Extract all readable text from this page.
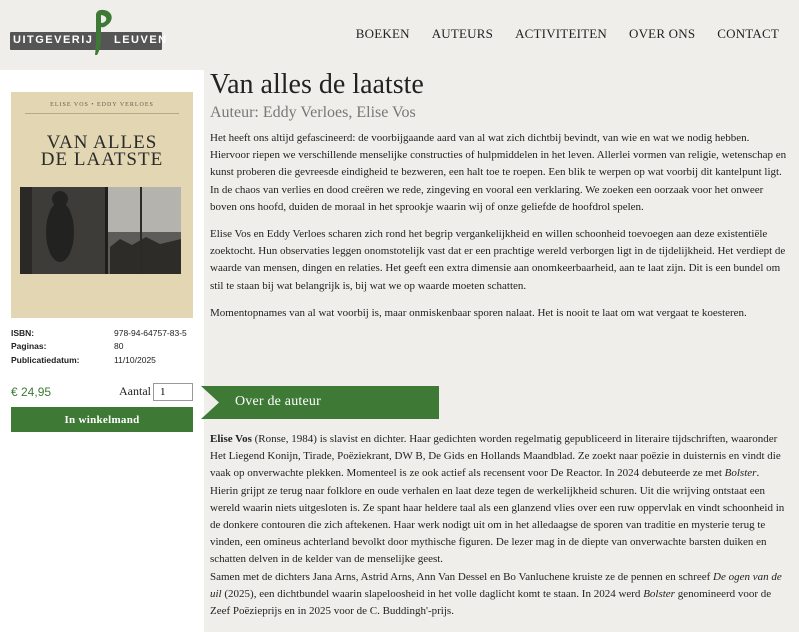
UITGEVERIJ LEUVEN	BOEKEN AUTEURS ACTIVITEITEN OVER ONS CONTACT
ELISE VOS • EDDY VERLOES
VAN ALLES
DE LAATSTE
ISBN:	978-94-64757-83-5
Paginas:	80
Publicatiedatum:	11/10/2025
€ 24,95	Aantal
1
In winkelmand
Van alles de laatste
Auteur: Eddy Verloes, Elise Vos

Het heeft ons altijd gefascineerd: de voorbijgaande aard van al wat zich dichtbij bevindt, van wie en wat we nodig hebben. Hiervoor riepen we verschillende menselijke constructies of hulpmiddelen in het leven. Allerlei vormen van religie, wetenschap en kunst proberen die gevreesde eindigheid te bezweren, een halt toe te roepen. Een blik te werpen op wat voorbij dit kantelpunt ligt. In de chaos van verlies en dood creëren we rede, zingeving en vooral een verklaring. We zoeken een oorzaak voor het onweer boven ons hoofd, duiden de moraal in het sprookje waarin wij of onze geliefde de hoofdrol spelen.

Elise Vos en Eddy Verloes scharen zich rond het begrip vergankelijkheid en willen schoonheid toevoegen aan deze existentiële zoektocht. Hun observaties leggen onomstotelijk vast dat er een prachtige wereld verborgen ligt in de tijdelijkheid. Het verdiept de waarde van mensen, dingen en relaties. Het geeft een extra dimensie aan onomkeerbaarheid, aan te laat zijn. Dit is een bundel om stil te staan bij wat belangrijk is, bij wat we op waarde moeten schatten.

Momentopnames van al wat voorbij is, maar onmiskenbaar sporen nalaat. Het is nooit te laat om wat vergaat te koesteren.

Over de auteur
Elise Vos (Ronse, 1984) is slavist en dichter. Haar gedichten worden regelmatig gepubliceerd in literaire tijdschriften, waaronder Het Liegend Konijn, Tirade, Poëziekrant, DW B, De Gids en Hollands Maandblad. Ze zoekt naar poëzie in duisternis en vindt die vaak op onverwachte plekken. Momenteel is ze ook actief als recensent voor De Reactor. In 2024 debuteerde ze met Bolster. Hierin grijpt ze terug naar folklore en oude verhalen en laat deze tegen de werkelijkheid schuren. Uit die wrijving ontstaat een wereld waarin niets uitgesloten is. Ze spant haar heldere taal als een glanzend vlies over een ruw oppervlak en vindt schoonheid in de donkere contouren die zich aftekenen. Haar werk nodigt uit om in het alledaagse de sporen van traditie en mysterie terug te vinden, een omineus achterland bevolkt door mythische figuren. De lezer mag in de diepte van onverwachte barsten duiken en schatten delven in de kelder van de menselijke geest.
Samen met de dichters Jana Arns, Astrid Arns, Ann Van Dessel en Bo Vanluchene kruiste ze de pennen en schreef De ogen van de uil (2025), een dichtbundel waarin slapeloosheid in het volle daglicht komt te staan. In 2024 werd Bolster genomineerd voor de Zeef Poëzieprijs en in 2025 voor de C. Buddingh'-prijs.
